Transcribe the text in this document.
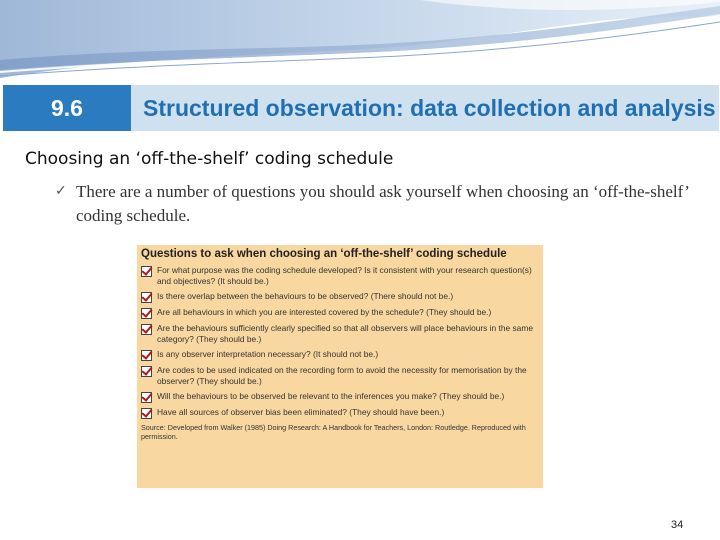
9.6	Structured observation: data collection and analysis
Choosing an ‘off-the-shelf’ coding schedule
✓ There are a number of questions you should ask yourself when choosing an ‘off-the-shelf’ coding schedule.
Questions to ask when choosing an ‘off-the-shelf’ coding schedule
For what purpose was the coding schedule developed? Is it consistent with your research question(s) and objectives? (It should be.)
Is there overlap between the behaviours to be observed? (There should not be.)
Are all behaviours in which you are interested covered by the schedule? (They should be.)
Are the behaviours sufficiently clearly specified so that all observers will place behaviours in the same category? (They should be.)
Is any observer interpretation necessary? (It should not be.)
Are codes to be used indicated on the recording form to avoid the necessity for memorisation by the observer? (They should be.)
Will the behaviours to be observed be relevant to the inferences you make? (They should be.)
Have all sources of observer bias been eliminated? (They should have been.)
Source: Developed from Walker (1985) Doing Research: A Handbook for Teachers, London: Routledge. Reproduced with permission.
34
